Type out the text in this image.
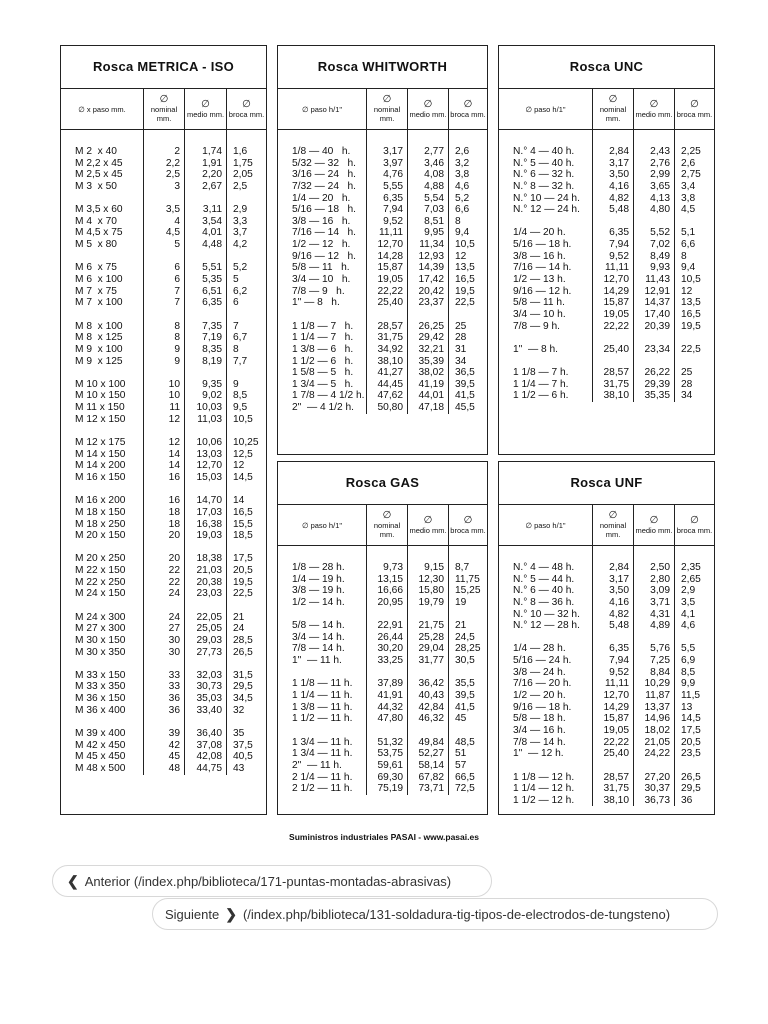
Rosca METRICA - ISO
∅ x paso mm.
∅
nominal mm.
∅
medio mm.
∅
broca mm.
M 2  x 40
M 2,2 x 45
M 2,5 x 45
M 3  x 50
M 3,5 x 60
M 4  x 70
M 4,5 x 75
M 5  x 80
M 6  x 75
M 6  x 100
M 7  x 75
M 7  x 100
M 8  x 100
M 8  x 125
M 9  x 100
M 9  x 125
M 10 x 100
M 10 x 150
M 11 x 150
M 12 x 150
M 12 x 175
M 14 x 150
M 14 x 200
M 16 x 150
M 16 x 200
M 18 x 150
M 18 x 250
M 20 x 150
M 20 x 250
M 22 x 150
M 22 x 250
M 24 x 150
M 24 x 300
M 27 x 300
M 30 x 150
M 30 x 350
M 33 x 150
M 33 x 350
M 36 x 150
M 36 x 400
M 39 x 400
M 42 x 450
M 45 x 450
M 48 x 500
2
2,2
2,5
3
3,5
4
4,5
5
6
6
7
7
8
8
9
9
10
10
11
12
12
14
14
16
16
18
18
20
20
22
22
24
24
27
30
30
33
33
36
36
39
42
45
48
1,74
1,91
2,20
2,67
3,11
3,54
4,01
4,48
5,51
5,35
6,51
6,35
7,35
7,19
8,35
8,19
9,35
9,02
10,03
11,03
10,06
13,03
12,70
15,03
14,70
17,03
16,38
19,03
18,38
21,03
20,38
23,03
22,05
25,05
29,03
27,73
32,03
30,73
35,03
33,40
36,40
37,08
42,08
44,75
1,6
1,75
2,05
2,5
2,9
3,3
3,7
4,2
5,2
5
6,2
6
7
6,7
8
7,7
9
8,5
9,5
10,5
10,25
12,5
12
14,5
14
16,5
15,5
18,5
17,5
20,5
19,5
22,5
21
24
28,5
26,5
31,5
29,5
34,5
32
35
37,5
40,5
43
Rosca WHITWORTH
∅ paso h/1"
∅
nominal mm.
∅
medio mm.
∅
broca mm.
1/8 — 40   h.
5/32 — 32   h.
3/16 — 24   h.
7/32 — 24   h.
1/4 — 20   h.
5/16 — 18   h.
3/8 — 16   h.
7/16 — 14   h.
1/2 — 12   h.
9/16 — 12   h.
5/8 — 11   h.
3/4 — 10   h.
7/8 — 9   h.
1" — 8   h.
1 1/8 — 7   h.
1 1/4 — 7   h.
1 3/8 — 6   h.
1 1/2 — 6   h.
1 5/8 — 5   h.
1 3/4 — 5   h.
1 7/8 — 4 1/2 h.
2"  — 4 1/2 h.
3,17
3,97
4,76
5,55
6,35
7,94
9,52
11,11
12,70
14,28
15,87
19,05
22,22
25,40
28,57
31,75
34,92
38,10
41,27
44,45
47,62
50,80
2,77
3,46
4,08
4,88
5,54
7,03
8,51
9,95
11,34
12,93
14,39
17,42
20,42
23,37
26,25
29,42
32,21
35,39
38,02
41,19
44,01
47,18
2,6
3,2
3,8
4,6
5,2
6,6
8
9,4
10,5
12
13,5
16,5
19,5
22,5
25
28
31
34
36,5
39,5
41,5
45,5
Rosca UNC
∅ paso h/1"
∅
nominal mm.
∅
medio mm.
∅
broca mm.
N.° 4 — 40 h.
N.° 5 — 40 h.
N.° 6 — 32 h.
N.° 8 — 32 h.
N.° 10 — 24 h.
N.° 12 — 24 h.
1/4 — 20 h.
5/16 — 18 h.
3/8 — 16 h.
7/16 — 14 h.
1/2 — 13 h.
9/16 — 12 h.
5/8 — 11 h.
3/4 — 10 h.
7/8 — 9 h.
1"  — 8 h.
1 1/8 — 7 h.
1 1/4 — 7 h.
1 1/2 — 6 h.
2,84
3,17
3,50
4,16
4,82
5,48
6,35
7,94
9,52
11,11
12,70
14,29
15,87
19,05
22,22
25,40
28,57
31,75
38,10
2,43
2,76
2,99
3,65
4,13
4,80
5,52
7,02
8,49
9,93
11,43
12,91
14,37
17,40
20,39
23,34
26,22
29,39
35,35
2,25
2,6
2,75
3,4
3,8
4,5
5,1
6,6
8
9,4
10,5
12
13,5
16,5
19,5
22,5
25
28
34
Rosca GAS
∅ paso h/1"
∅
nominal mm.
∅
medio mm.
∅
broca mm.
1/8 — 28 h.
1/4 — 19 h.
3/8 — 19 h.
1/2 — 14 h.
5/8 — 14 h.
3/4 — 14 h.
7/8 — 14 h.
1"  — 11 h.
1 1/8 — 11 h.
1 1/4 — 11 h.
1 3/8 — 11 h.
1 1/2 — 11 h.
1 3/4 — 11 h.
1 3/4 — 11 h.
2"  — 11 h.
2 1/4 — 11 h.
2 1/2 — 11 h.
9,73
13,15
16,66
20,95
22,91
26,44
30,20
33,25
37,89
41,91
44,32
47,80
51,32
53,75
59,61
69,30
75,19
9,15
12,30
15,80
19,79
21,75
25,28
29,04
31,77
36,42
40,43
42,84
46,32
49,84
52,27
58,14
67,82
73,71
8,7
11,75
15,25
19
21
24,5
28,25
30,5
35,5
39,5
41,5
45
48,5
51
57
66,5
72,5
Rosca UNF
∅ paso h/1"
∅
nominal mm.
∅
medio mm.
∅
broca mm.
N.° 4 — 48 h.
N.° 5 — 44 h.
N.° 6 — 40 h.
N.° 8 — 36 h.
N.° 10 — 32 h.
N.° 12 — 28 h.
1/4 — 28 h.
5/16 — 24 h.
3/8 — 24 h.
7/16 — 20 h.
1/2 — 20 h.
9/16 — 18 h.
5/8 — 18 h.
3/4 — 16 h.
7/8 — 14 h.
1"  — 12 h.
1 1/8 — 12 h.
1 1/4 — 12 h.
1 1/2 — 12 h.
2,84
3,17
3,50
4,16
4,82
5,48
6,35
7,94
9,52
11,11
12,70
14,29
15,87
19,05
22,22
25,40
28,57
31,75
38,10
2,50
2,80
3,09
3,71
4,31
4,89
5,76
7,25
8,84
10,29
11,87
13,37
14,96
18,02
21,05
24,22
27,20
30,37
36,73
2,35
2,65
2,9
3,5
4,1
4,6
5,5
6,9
8,5
9,9
11,5
13
14,5
17,5
20,5
23,5
26,5
29,5
36
Suministros industriales PASAI - www.pasai.es
❮ Anterior (/index.php/biblioteca/171-puntas-montadas-abrasivas)
Siguiente ❯ (/index.php/biblioteca/131-soldadura-tig-tipos-de-electrodos-de-tungsteno)
